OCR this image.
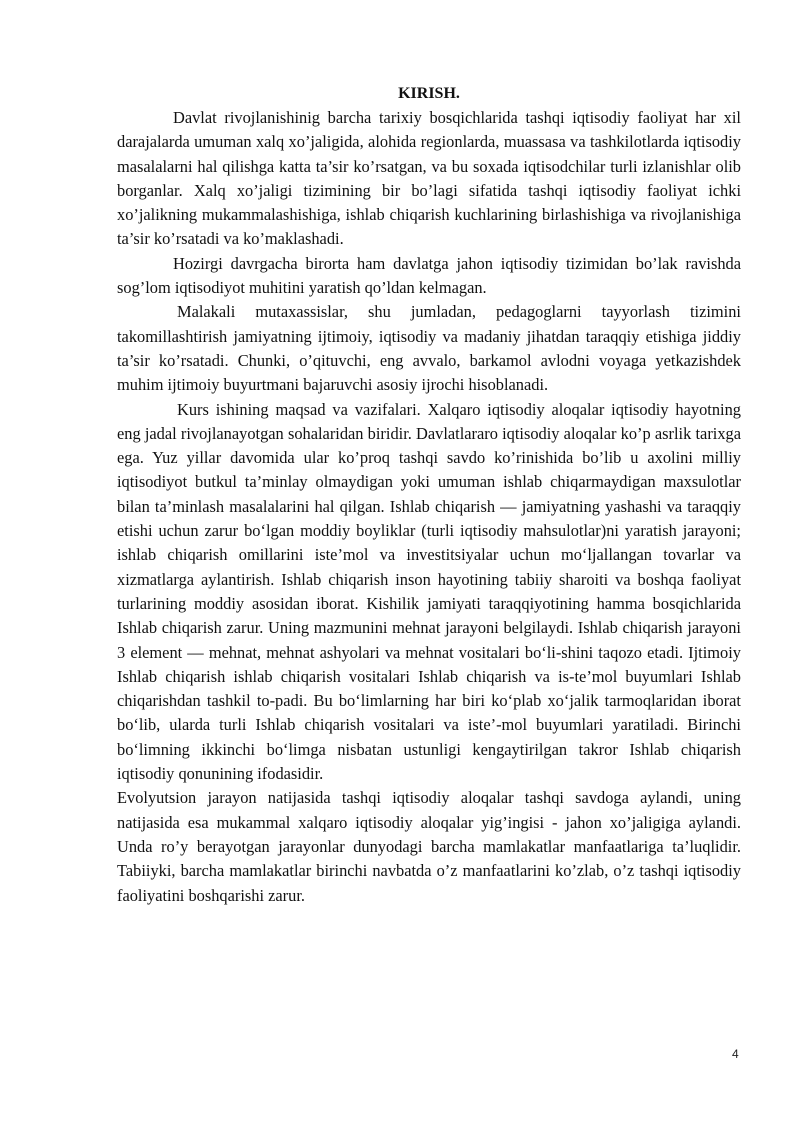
KIRISH.

Davlat rivojlanishinig barcha tarixiy bosqichlarida tashqi iqtisodiy faoliyat har xil darajalarda umuman xalq xo’jaligida, alohida regionlarda, muassasa va tashkilotlarda iqtisodiy masalalarni hal qilishga katta ta’sir ko’rsatgan, va bu soxada iqtisodchilar turli izlanishlar olib borganlar. Xalq xo’jaligi tizimining bir bo’lagi sifatida tashqi iqtisodiy faoliyat ichki xo’jalikning mukammalashishiga, ishlab chiqarish kuchlarining birlashishiga va rivojlanishiga ta’sir ko’rsatadi va ko’maklashadi.

Hozirgi davrgacha birorta ham davlatga jahon iqtisodiy tizimidan bo’lak ravishda sog’lom iqtisodiyot muhitini yaratish qo’ldan kelmagan.

Malakali mutaxassislar, shu jumladan, pedagoglarni tayyorlash tizimini takomillashtirish jamiyatning ijtimoiy, iqtisodiy va madaniy jihatdan taraqqiy etishiga jiddiy ta’sir ko’rsatadi. Chunki, o’qituvchi, eng avvalo, barkamol avlodni voyaga yetkazishdek muhim ijtimoiy buyurtmani bajaruvchi asosiy ijrochi hisoblanadi.

Kurs ishining maqsad va vazifalari. Xalqaro iqtisodiy aloqalar iqtisodiy hayotning eng jadal rivojlanayotgan sohalaridan biridir. Davlatlararo iqtisodiy aloqalar ko’p asrlik tarixga ega. Yuz yillar davomida ular ko’proq tashqi savdo ko’rinishida bo’lib u axolini milliy iqtisodiyot butkul ta’minlay olmaydigan yoki umuman ishlab chiqarmaydigan maxsulotlar bilan ta’minlash masalalarini hal qilgan. Ishlab chiqarish — jamiyatning yashashi va taraqqiy etishi uchun zarur bo‘lgan moddiy boyliklar (turli iqtisodiy mahsulotlar)ni yaratish jarayoni; ishlab chiqarish omillarini iste’mol va investitsiyalar uchun mo‘ljallangan tovarlar va xizmatlarga aylantirish. Ishlab chiqarish inson hayotining tabiiy sharoiti va boshqa faoliyat turlarining moddiy asosidan iborat. Kishilik jamiyati taraqqiyotining hamma bosqichlarida Ishlab chiqarish zarur. Uning mazmunini mehnat jarayoni belgilaydi. Ishlab chiqarish jarayoni 3 element — mehnat, mehnat ashyolari va mehnat vositalari bo‘li-shini taqozo etadi. Ijtimoiy Ishlab chiqarish ishlab chiqarish vositalari Ishlab chiqarish va is-te’mol buyumlari Ishlab chiqarishdan tashkil to-padi. Bu bo‘limlarning har biri ko‘plab xo‘jalik tarmoqlaridan iborat bo‘lib, ularda turli Ishlab chiqarish vositalari va iste’-mol buyumlari yaratiladi. Birinchi bo‘limning ikkinchi bo‘limga nisbatan ustunligi kengaytirilgan takror Ishlab chiqarish iqtisodiy qonunining ifodasidir.

Evolyutsion jarayon natijasida tashqi iqtisodiy aloqalar tashqi savdoga aylandi, uning natijasida esa mukammal xalqaro iqtisodiy aloqalar yig’ingisi - jahon xo’jaligiga aylandi. Unda ro’y berayotgan jarayonlar dunyodagi barcha mamlakatlar manfaatlariga ta’luqlidir. Tabiiyki, barcha mamlakatlar birinchi navbatda o’z manfaatlarini ko’zlab, o’z tashqi iqtisodiy faoliyatini boshqarishi zarur.

4
